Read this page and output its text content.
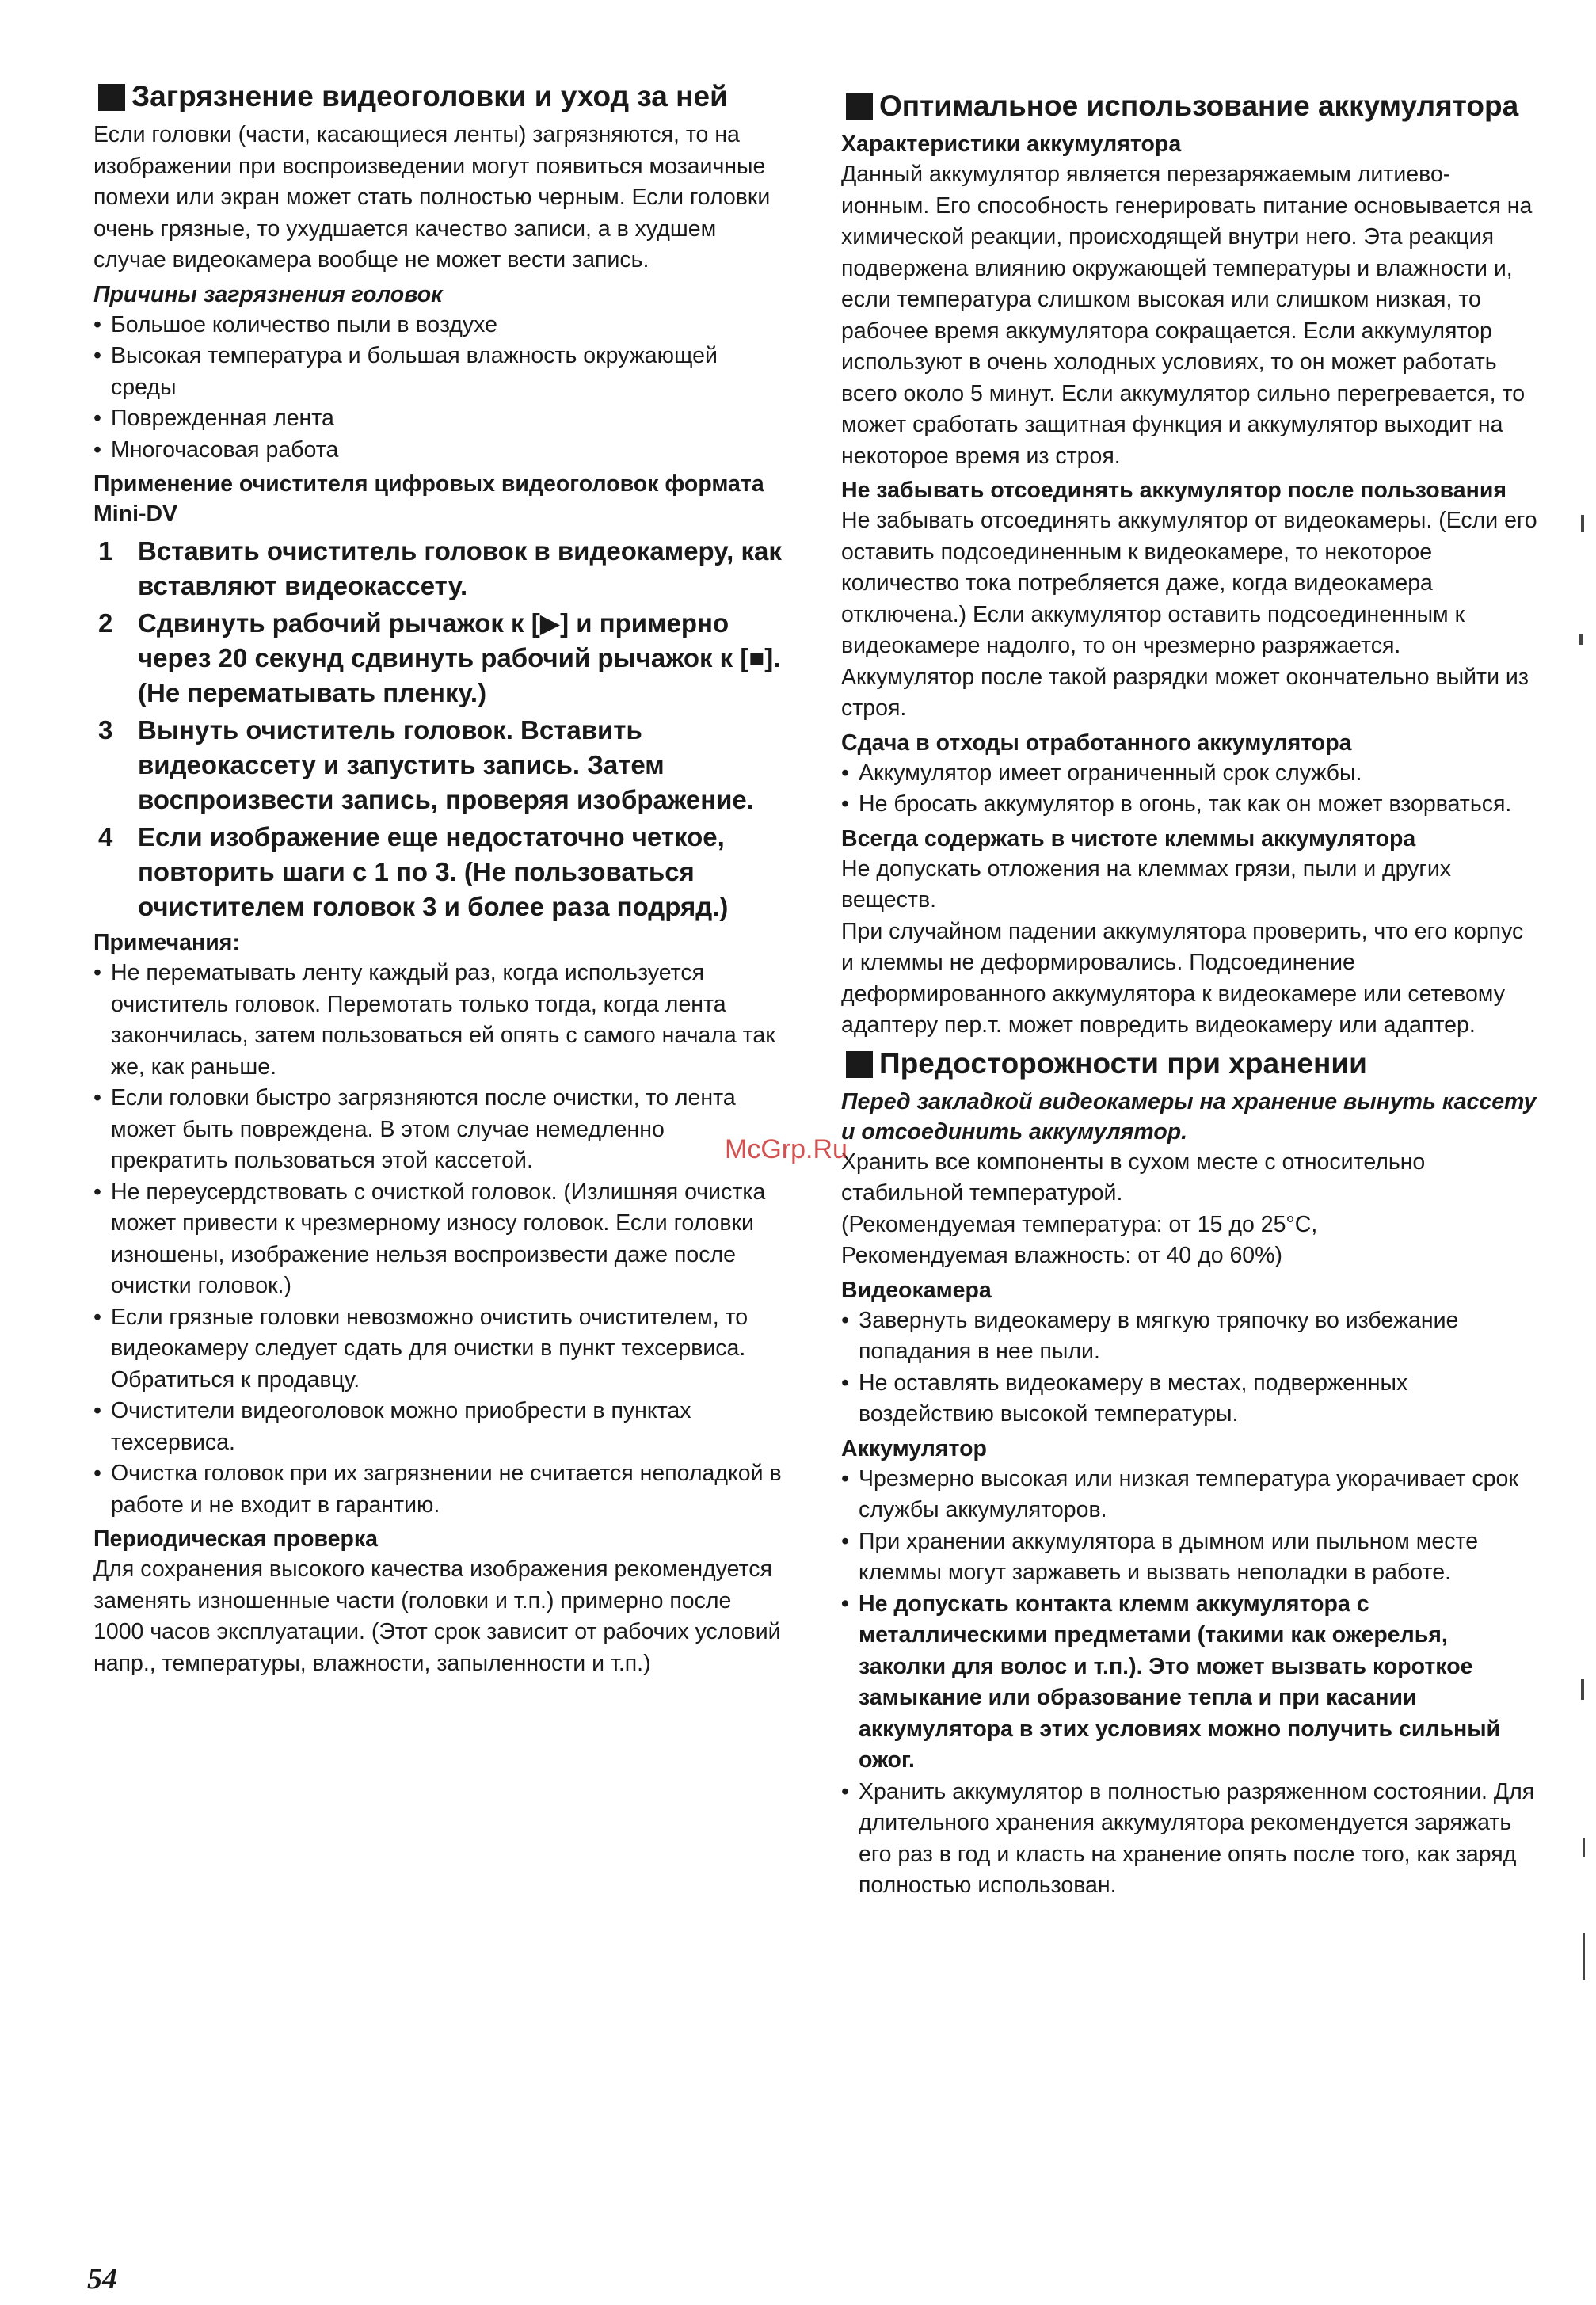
Загрязнение видеоголовки и уход за ней

Если головки (части, касающиеся ленты) загрязняются, то на изображении при воспроизведении могут появиться мозаичные помехи или экран может стать полностью черным. Если головки очень грязные, то ухудшается качество записи, а в худшем случае видеокамера вообще не может вести запись.

Причины загрязнения головок

• Большое количество пыли в воздухе
• Высокая температура и большая влажность окружающей среды
• Поврежденная лента
• Многочасовая работа

Применение очистителя цифровых видеоголовок формата Mini-DV

1 Вставить очиститель головок в видеокамеру, как вставляют видеокассету.
2 Сдвинуть рабочий рычажок к [▶] и примерно через 20 секунд сдвинуть рабочий рычажок к [■]. (Не перематывать пленку.)
3 Вынуть очиститель головок. Вставить видеокассету и запустить запись. Затем воспроизвести запись, проверяя изображение.
4 Если изображение еще недостаточно четкое, повторить шаги с 1 по 3. (Не пользоваться очистителем головок 3 и более раза подряд.)

Примечания:

• Не перематывать ленту каждый раз, когда используется очиститель головок. Перемотать только тогда, когда лента закончилась, затем пользоваться ей опять с самого начала так же, как раньше.
• Если головки быстро загрязняются после очистки, то лента может быть повреждена. В этом случае немедленно прекратить пользоваться этой кассетой.
• Не переусердствовать с очисткой головок. (Излишняя очистка может привести к чрезмерному износу головок. Если головки изношены, изображение нельзя воспроизвести даже после очистки головок.)
• Если грязные головки невозможно очистить очистителем, то видеокамеру следует сдать для очистки в пункт техсервиса. Обратиться к продавцу.
• Очистители видеоголовок можно приобрести в пунктах техсервиса.
• Очистка головок при их загрязнении не считается неполадкой в работе и не входит в гарантию.

Периодическая проверка

Для сохранения высокого качества изображения рекомендуется заменять изношенные части (головки и т.п.) примерно после 1000 часов эксплуатации. (Этот срок зависит от рабочих условий напр., температуры, влажности, запыленности и т.п.)

Оптимальное использование аккумулятора

Характеристики аккумулятора

Данный аккумулятор является перезаряжаемым литиево-ионным. Его способность генерировать питание основывается на химической реакции, происходящей внутри него. Эта реакция подвержена влиянию окружающей температуры и влажности и, если температура слишком высокая или слишком низкая, то рабочее время аккумулятора сокращается. Если аккумулятор используют в очень холодных условиях, то он может работать всего около 5 минут. Если аккумулятор сильно перегревается, то может сработать защитная функция и аккумулятор выходит на некоторое время из строя.

Не забывать отсоединять аккумулятор после пользования

Не забывать отсоединять аккумулятор от видеокамеры. (Если его оставить подсоединенным к видеокамере, то некоторое количество тока потребляется даже, когда видеокамера отключена.) Если аккумулятор оставить подсоединенным к видеокамере надолго, то он чрезмерно разряжается. Аккумулятор после такой разрядки может окончательно выйти из строя.

Сдача в отходы отработанного аккумулятора

• Аккумулятор имеет ограниченный срок службы.
• Не бросать аккумулятор в огонь, так как он может взорваться.

Всегда содержать в чистоте клеммы аккумулятора

Не допускать отложения на клеммах грязи, пыли и других веществ.

При случайном падении аккумулятора проверить, что его корпус и клеммы не деформировались. Подсоединение деформированного аккумулятора к видеокамере или сетевому адаптеру пер.т. может повредить видеокамеру или адаптер.

Предосторожности при хранении

Перед закладкой видеокамеры на хранение вынуть кассету и отсоединить аккумулятор.

Хранить все компоненты в сухом месте с относительно стабильной температурой.

(Рекомендуемая температура: от 15 до 25°C,

Рекомендуемая влажность: от 40 до 60%)

Видеокамера

• Завернуть видеокамеру в мягкую тряпочку во избежание попадания в нее пыли.
• Не оставлять видеокамеру в местах, подверженных воздействию высокой температуры.

Аккумулятор

• Чрезмерно высокая или низкая температура укорачивает срок службы аккумуляторов.
• При хранении аккумулятора в дымном или пыльном месте клеммы могут заржаветь и вызвать неполадки в работе.
• Не допускать контакта клемм аккумулятора с металлическими предметами (такими как ожерелья, заколки для волос и т.п.). Это может вызвать короткое замыкание или образование тепла и при касании аккумулятора в этих условиях можно получить сильный ожог.
• Хранить аккумулятор в полностью разряженном состоянии. Для длительного хранения аккумулятора рекомендуется заряжать его раз в год и класть на хранение опять после того, как заряд полностью использован.
McGrp.Ru
54
